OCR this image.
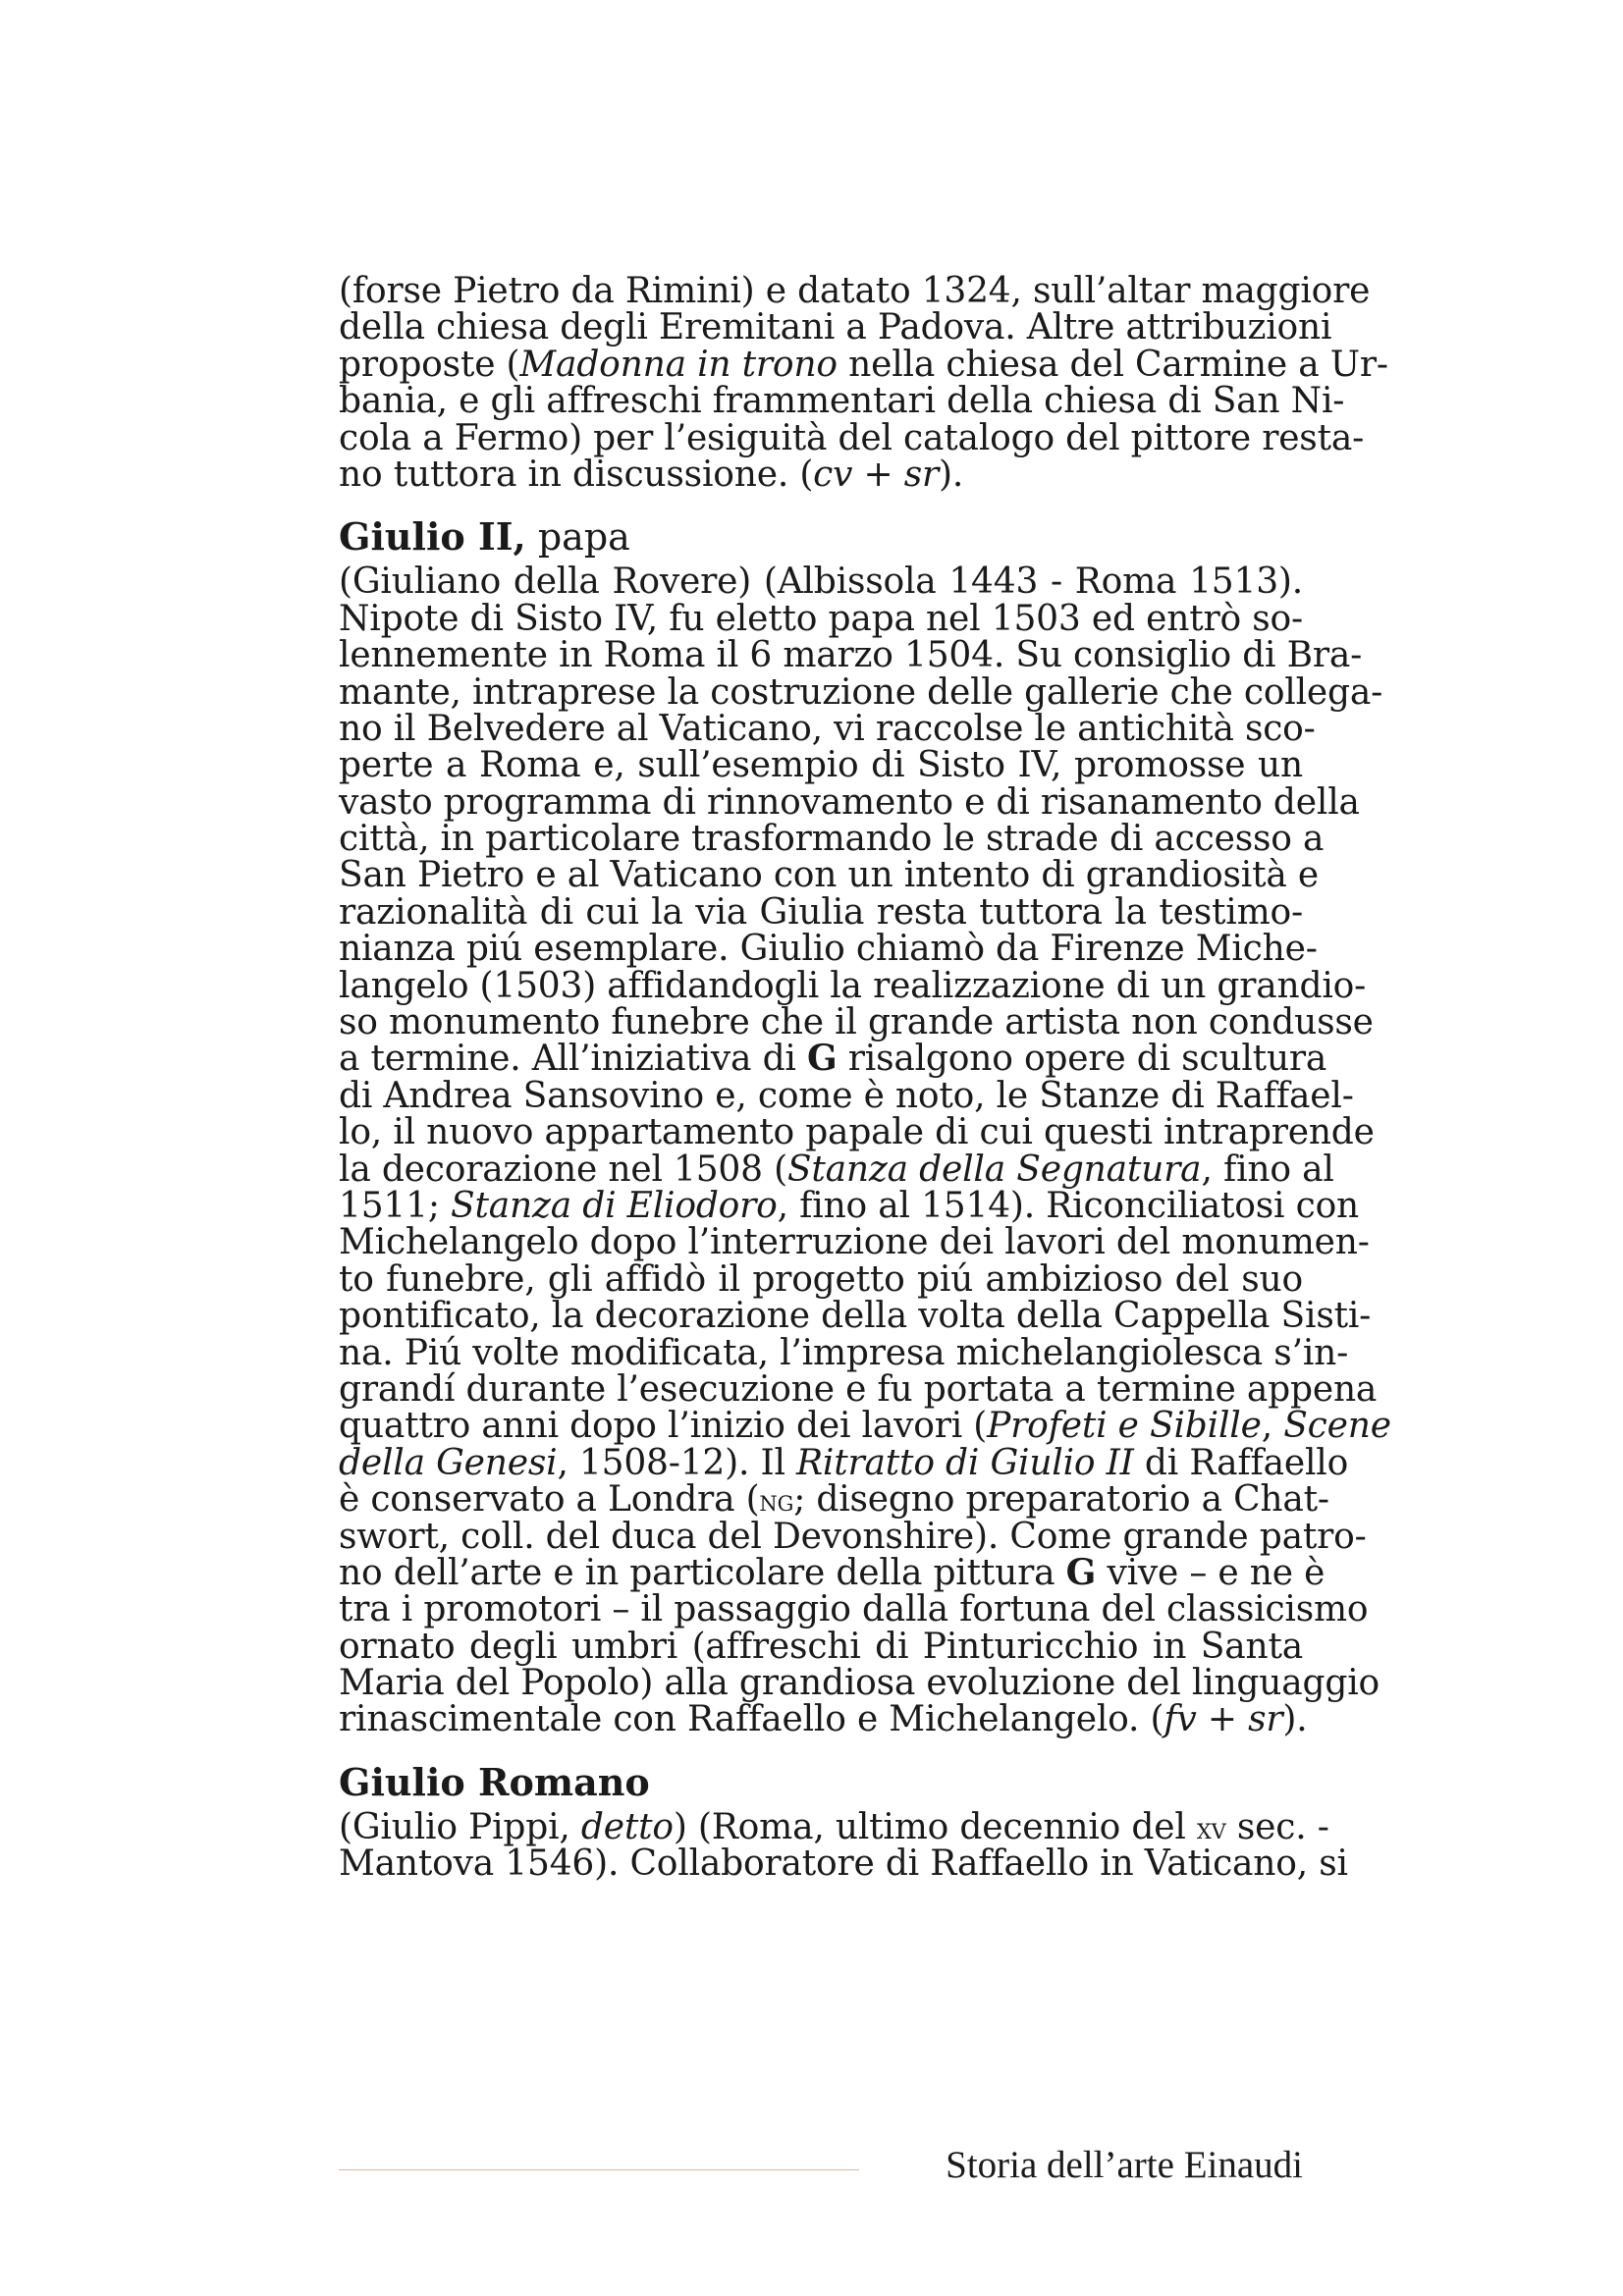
(forse Pietro da Rimini) e datato 1324, sull’altar maggiore
della chiesa degli Eremitani a Padova. Altre attribuzioni
proposte (Madonna in trono nella chiesa del Carmine a Ur-
bania, e gli affreschi frammentari della chiesa di San Ni-
cola a Fermo) per l’esiguità del catalogo del pittore resta-
no tuttora in discussione. (cv + sr).
Giulio II, papa
(Giuliano della Rovere) (Albissola 1443 - Roma 1513).
Nipote di Sisto IV, fu eletto papa nel 1503 ed entrò so-
lennemente in Roma il 6 marzo 1504. Su consiglio di Bra-
mante, intraprese la costruzione delle gallerie che collega-
no il Belvedere al Vaticano, vi raccolse le antichità sco-
perte a Roma e, sull’esempio di Sisto IV, promosse un
vasto programma di rinnovamento e di risanamento della
città, in particolare trasformando le strade di accesso a
San Pietro e al Vaticano con un intento di grandiosità e
razionalità di cui la via Giulia resta tuttora la testimo-
nianza piú esemplare. Giulio chiamò da Firenze Miche-
langelo (1503) affidandogli la realizzazione di un grandio-
so monumento funebre che il grande artista non condusse
a termine. All’iniziativa di G risalgono opere di scultura
di Andrea Sansovino e, come è noto, le Stanze di Raffael-
lo, il nuovo appartamento papale di cui questi intraprende
la decorazione nel 1508 (Stanza della Segnatura, fino al
1511; Stanza di Eliodoro, fino al 1514). Riconciliatosi con
Michelangelo dopo l’interruzione dei lavori del monumen-
to funebre, gli affidò il progetto piú ambizioso del suo
pontificato, la decorazione della volta della Cappella Sisti-
na. Piú volte modificata, l’impresa michelangiolesca s’in-
grandí durante l’esecuzione e fu portata a termine appena
quattro anni dopo l’inizio dei lavori (Profeti e Sibille, Scene
della Genesi, 1508-12). Il Ritratto di Giulio II di Raffaello
è conservato a Londra (ng; disegno preparatorio a Chat-
swort, coll. del duca del Devonshire). Come grande patro-
no dell’arte e in particolare della pittura G vive – e ne è
tra i promotori – il passaggio dalla fortuna del classicismo
ornato degli umbri (affreschi di Pinturicchio in Santa
Maria del Popolo) alla grandiosa evoluzione del linguaggio
rinascimentale con Raffaello e Michelangelo. (fv + sr).
Giulio Romano
(Giulio Pippi, detto) (Roma, ultimo decennio del xv sec. -
Mantova 1546). Collaboratore di Raffaello in Vaticano, si
Storia dell’arte Einaudi
